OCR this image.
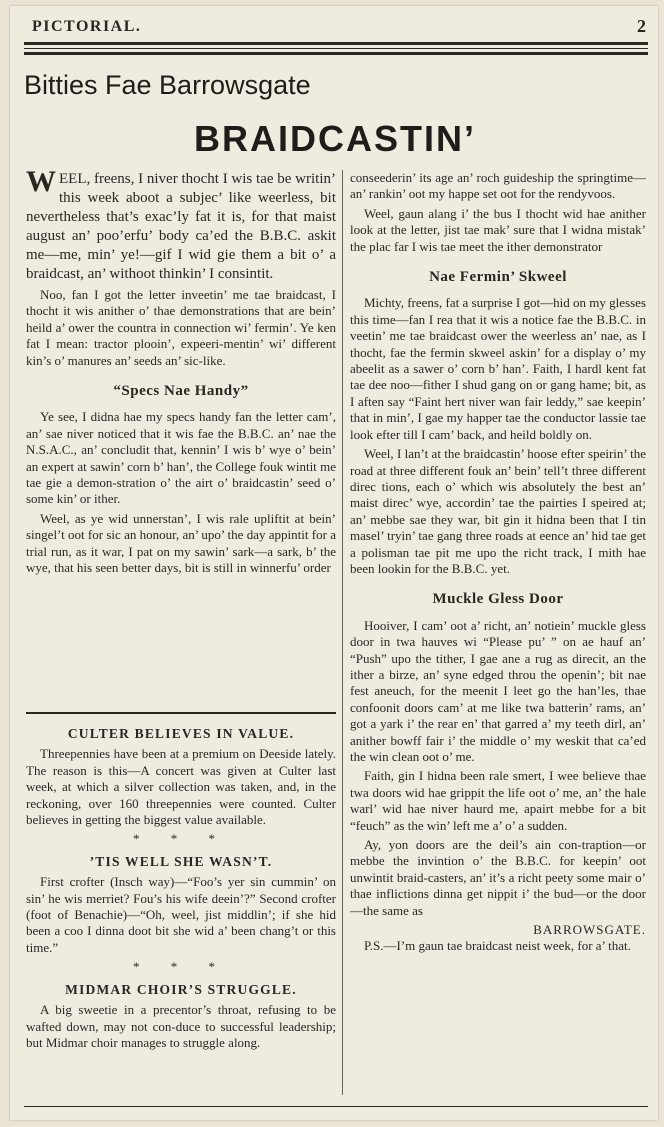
PICTORIAL.	2
Bitties Fae Barrowsgate
BRAIDCASTIN’

WEEL, freens, I niver thocht I wis tae be writin’ this week aboot a subjec’ like weerless, bit nevertheless that’s exac’ly fat it is, for that maist august an’ poo’erfu’ body ca’ed the B.B.C. askit me—me, min’ ye!—gif I wid gie them a bit o’ a braidcast, an’ withoot thinkin’ I consintit.

Noo, fan I got the letter inveetin’ me tae braidcast, I thocht it wis anither o’ thae demonstrations that are bein’ heild a’ ower the countra in connection wi’ fermin’. Ye ken fat I mean: tractor plooin’, expeeri-mentin’ wi’ different kin’s o’ manures an’ seeds an’ sic-like.

“Specs Nae Handy”

Ye see, I didna hae my specs handy fan the letter cam’, an’ sae niver noticed that it wis fae the B.B.C. an’ nae the N.S.A.C., an’ concludit that, kennin’ I wis b’ wye o’ bein’ an expert at sawin’ corn b’ han’, the College fouk wintit me tae gie a demon-stration o’ the airt o’ braidcastin’ seed o’ some kin’ or ither.

Weel, as ye wid unnerstan’, I wis rale upliftit at bein’ singel’t oot for sic an honour, an’ upo’ the day appintit for a trial run, as it war, I pat on my sawin’ sark—a sark, b’ the wye, that his seen better days, bit is still in winnerfu’ order

CULTER BELIEVES IN VALUE.

Threepennies have been at a premium on Deeside lately. The reason is this—A concert was given at Culter last week, at which a silver collection was taken, and, in the reckoning, over 160 threepennies were counted. Culter believes in getting the biggest value available.

* * *
’TIS WELL SHE WASN’T.

First crofter (Insch way)—“Foo’s yer sin cummin’ on sin’ he wis merriet? Fou’s his wife deein’?” Second crofter (foot of Benachie)—“Oh, weel, jist middlin’; if she hid been a coo I dinna doot bit she wid a’ been chang’t or this time.”

* * *
MIDMAR CHOIR’S STRUGGLE.

A big sweetie in a precentor’s throat, refusing to be wafted down, may not con-duce to successful leadership; but Midmar choir manages to struggle along.

conseederin’ its age an’ roch guideship the springtime—an’ rankin’ oot my happe set oot for the rendyvoos.

Weel, gaun alang i’ the bus I thocht wid hae anither look at the letter, jist tae mak’ sure that I widna mistak’ the plac far I wis tae meet the ither demonstrator

Nae Fermin’ Skweel

Michty, freens, fat a surprise I got—hid on my glesses this time—fan I rea that it wis a notice fae the B.B.C. in veetin’ me tae braidcast ower the weerless an’ nae, as I thocht, fae the fermin skweel askin’ for a display o’ my abeelit as a sawer o’ corn b’ han’. Faith, I hardl kent fat tae dee noo—fither I shud gang on or gang hame; bit, as I aften say “Faint hert niver wan fair leddy,” sae keepin’ that in min’, I gae my happer tae the conductor lassie tae look efter till I cam’ back, and heild boldly on.

Weel, I lan’t at the braidcastin’ hoose efter speirin’ the road at three different fouk an’ bein’ tell’t three different direc tions, each o’ which wis absolutely the best an’ maist direc’ wye, accordin’ tae the pairties I speired at; an’ mebbe sae they war, bit gin it hidna been that I tin masel’ tryin’ tae gang three roads at eence an’ hid tae get a polisman tae pit me upo the richt track, I mith hae been lookin for the B.B.C. yet.

Muckle Gless Door

Hooiver, I cam’ oot a’ richt, an’ notiein’ muckle gless door in twa hauves wi “Please pu’ ” on ae hauf an’ “Push” upo the tither, I gae ane a rug as direcit, an the ither a birze, an’ syne edged throu the openin’; bit nae fest aneuch, for the meenit I leet go the han’les, thae confoonit doors cam’ at me like twa batterin’ rams, an’ got a yark i’ the rear en’ that garred a’ my teeth dirl, an’ anither bowff fair i’ the middle o’ my weskit that ca’ed the win clean oot o’ me.

Faith, gin I hidna been rale smert, I wee believe thae twa doors wid hae grippit the life oot o’ me, an’ the hale warl’ wid hae niver haurd me, apairt mebbe for a bit “feuch” as the win’ left me a’ o’ a sudden.

Ay, yon doors are the deil’s ain con-traption—or mebbe the invintion o’ the B.B.C. for keepin’ oot unwintit braid-casters, an’ it’s a richt peety some mair o’ thae inflictions dinna get nippit i’ the bud—or the door—the same as

BARROWSGATE.

P.S.—I’m gaun tae braidcast neist week, for a’ that.
